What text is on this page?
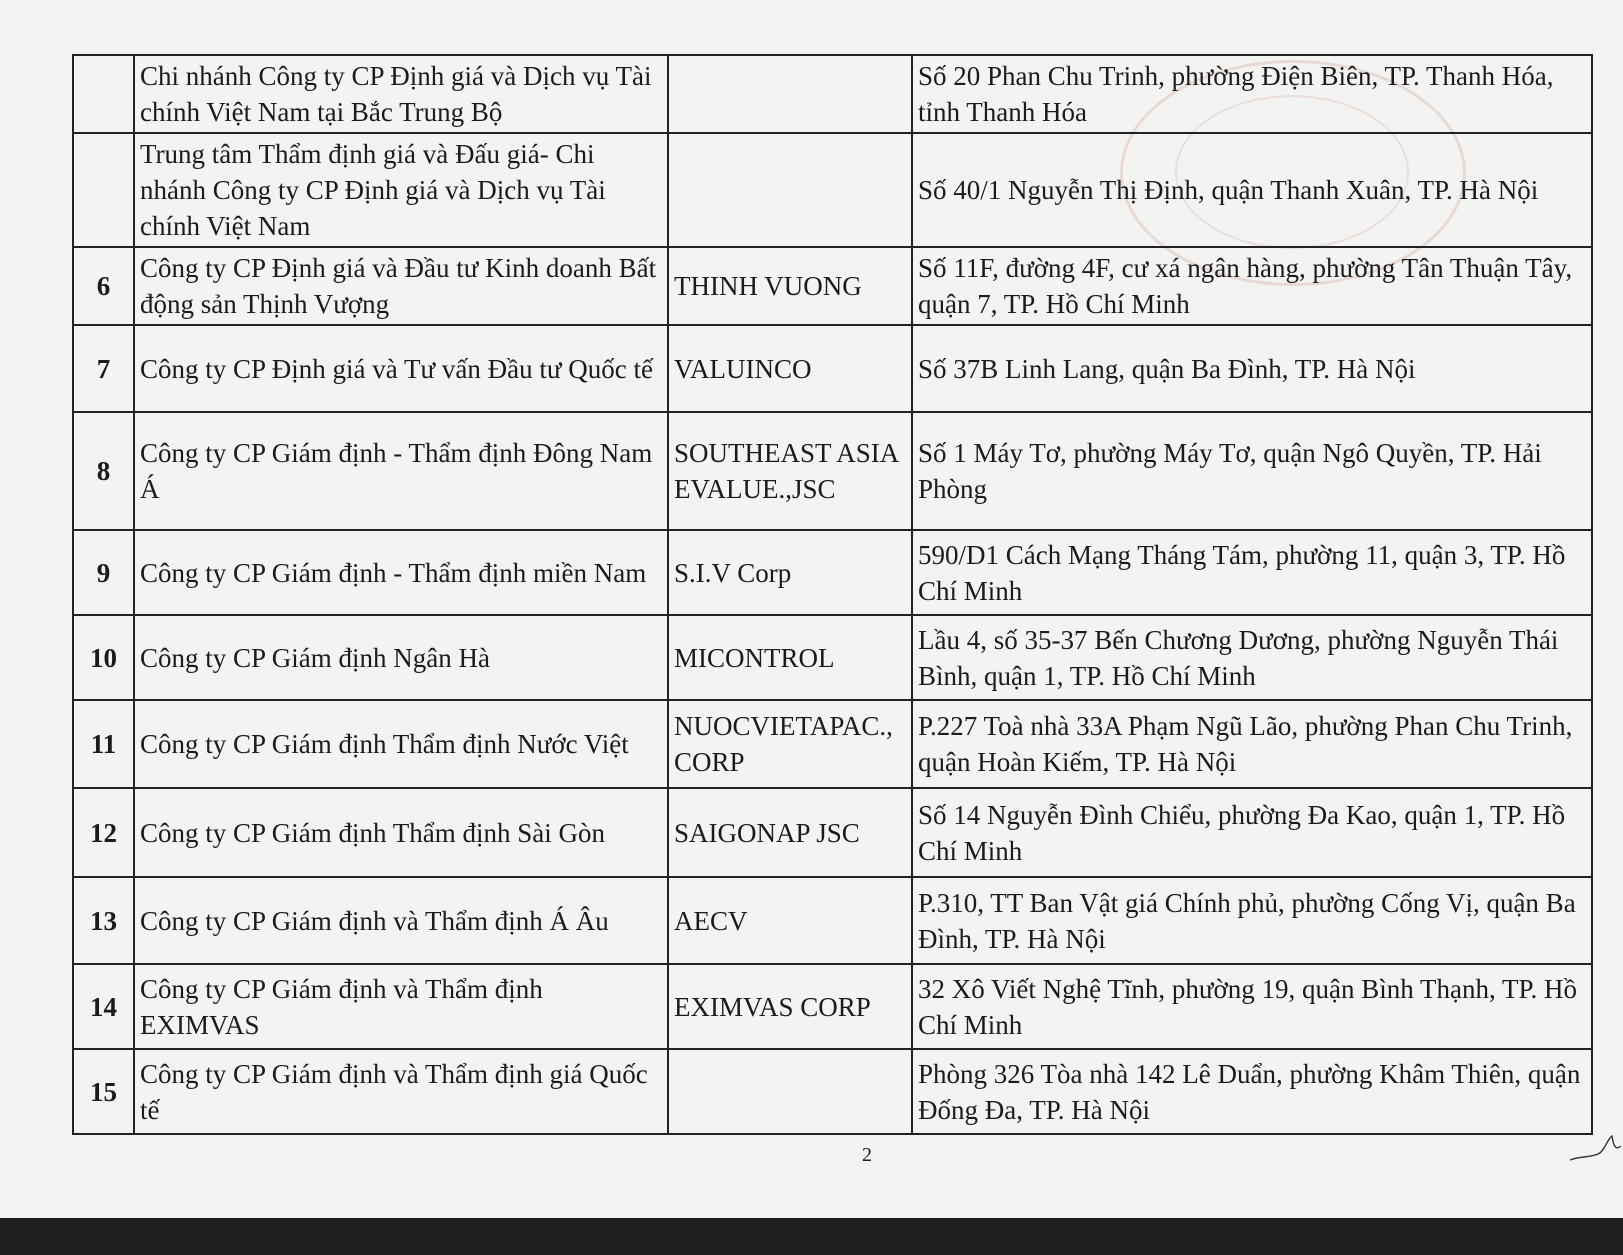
	Chi nhánh Công ty CP Định giá và Dịch vụ Tài chính Việt Nam tại Bắc Trung Bộ		Số 20 Phan Chu Trinh, phường Điện Biên, TP. Thanh Hóa, tỉnh Thanh Hóa
	Trung tâm Thẩm định giá và Đấu giá- Chi nhánh Công ty CP Định giá và Dịch vụ Tài chính Việt Nam		Số 40/1 Nguyễn Thị Định, quận Thanh Xuân, TP. Hà Nội
6	Công ty CP Định giá và Đầu tư Kinh doanh Bất động sản Thịnh Vượng	THINH VUONG	Số 11F, đường 4F, cư xá ngân hàng, phường Tân Thuận Tây, quận 7, TP. Hồ Chí Minh
7	Công ty CP Định giá và Tư vấn Đầu tư Quốc tế	VALUINCO	Số 37B Linh Lang, quận Ba Đình, TP. Hà Nội
8	Công ty CP Giám định - Thẩm định Đông Nam Á	SOUTHEAST ASIA EVALUE.,JSC	Số 1 Máy Tơ, phường Máy Tơ, quận Ngô Quyền, TP. Hải Phòng
9	Công ty CP Giám định - Thẩm định miền Nam	S.I.V Corp	590/D1 Cách Mạng Tháng Tám, phường 11, quận 3, TP. Hồ Chí Minh
10	Công ty CP Giám định Ngân Hà	MICONTROL	Lầu 4, số 35-37 Bến Chương Dương, phường Nguyễn Thái Bình, quận 1, TP. Hồ Chí Minh
11	Công ty CP Giám định Thẩm định Nước Việt	NUOCVIETAPAC., CORP	P.227 Toà nhà 33A Phạm Ngũ Lão, phường Phan Chu Trinh, quận Hoàn Kiếm, TP. Hà Nội
12	Công ty CP Giám định Thẩm định Sài Gòn	SAIGONAP JSC	Số 14 Nguyễn Đình Chiểu, phường Đa Kao, quận 1, TP. Hồ Chí Minh
13	Công ty CP Giám định và Thẩm định Á Âu	AECV	P.310, TT Ban Vật giá Chính phủ, phường Cống Vị, quận Ba Đình, TP. Hà Nội
14	Công ty CP Giám định và Thẩm định EXIMVAS	EXIMVAS CORP	32 Xô Viết Nghệ Tĩnh, phường 19, quận Bình Thạnh, TP. Hồ Chí Minh
15	Công ty CP Giám định và Thẩm định giá Quốc tế		Phòng 326 Tòa nhà 142 Lê Duẩn, phường Khâm Thiên, quận Đống Đa, TP. Hà Nội
2
